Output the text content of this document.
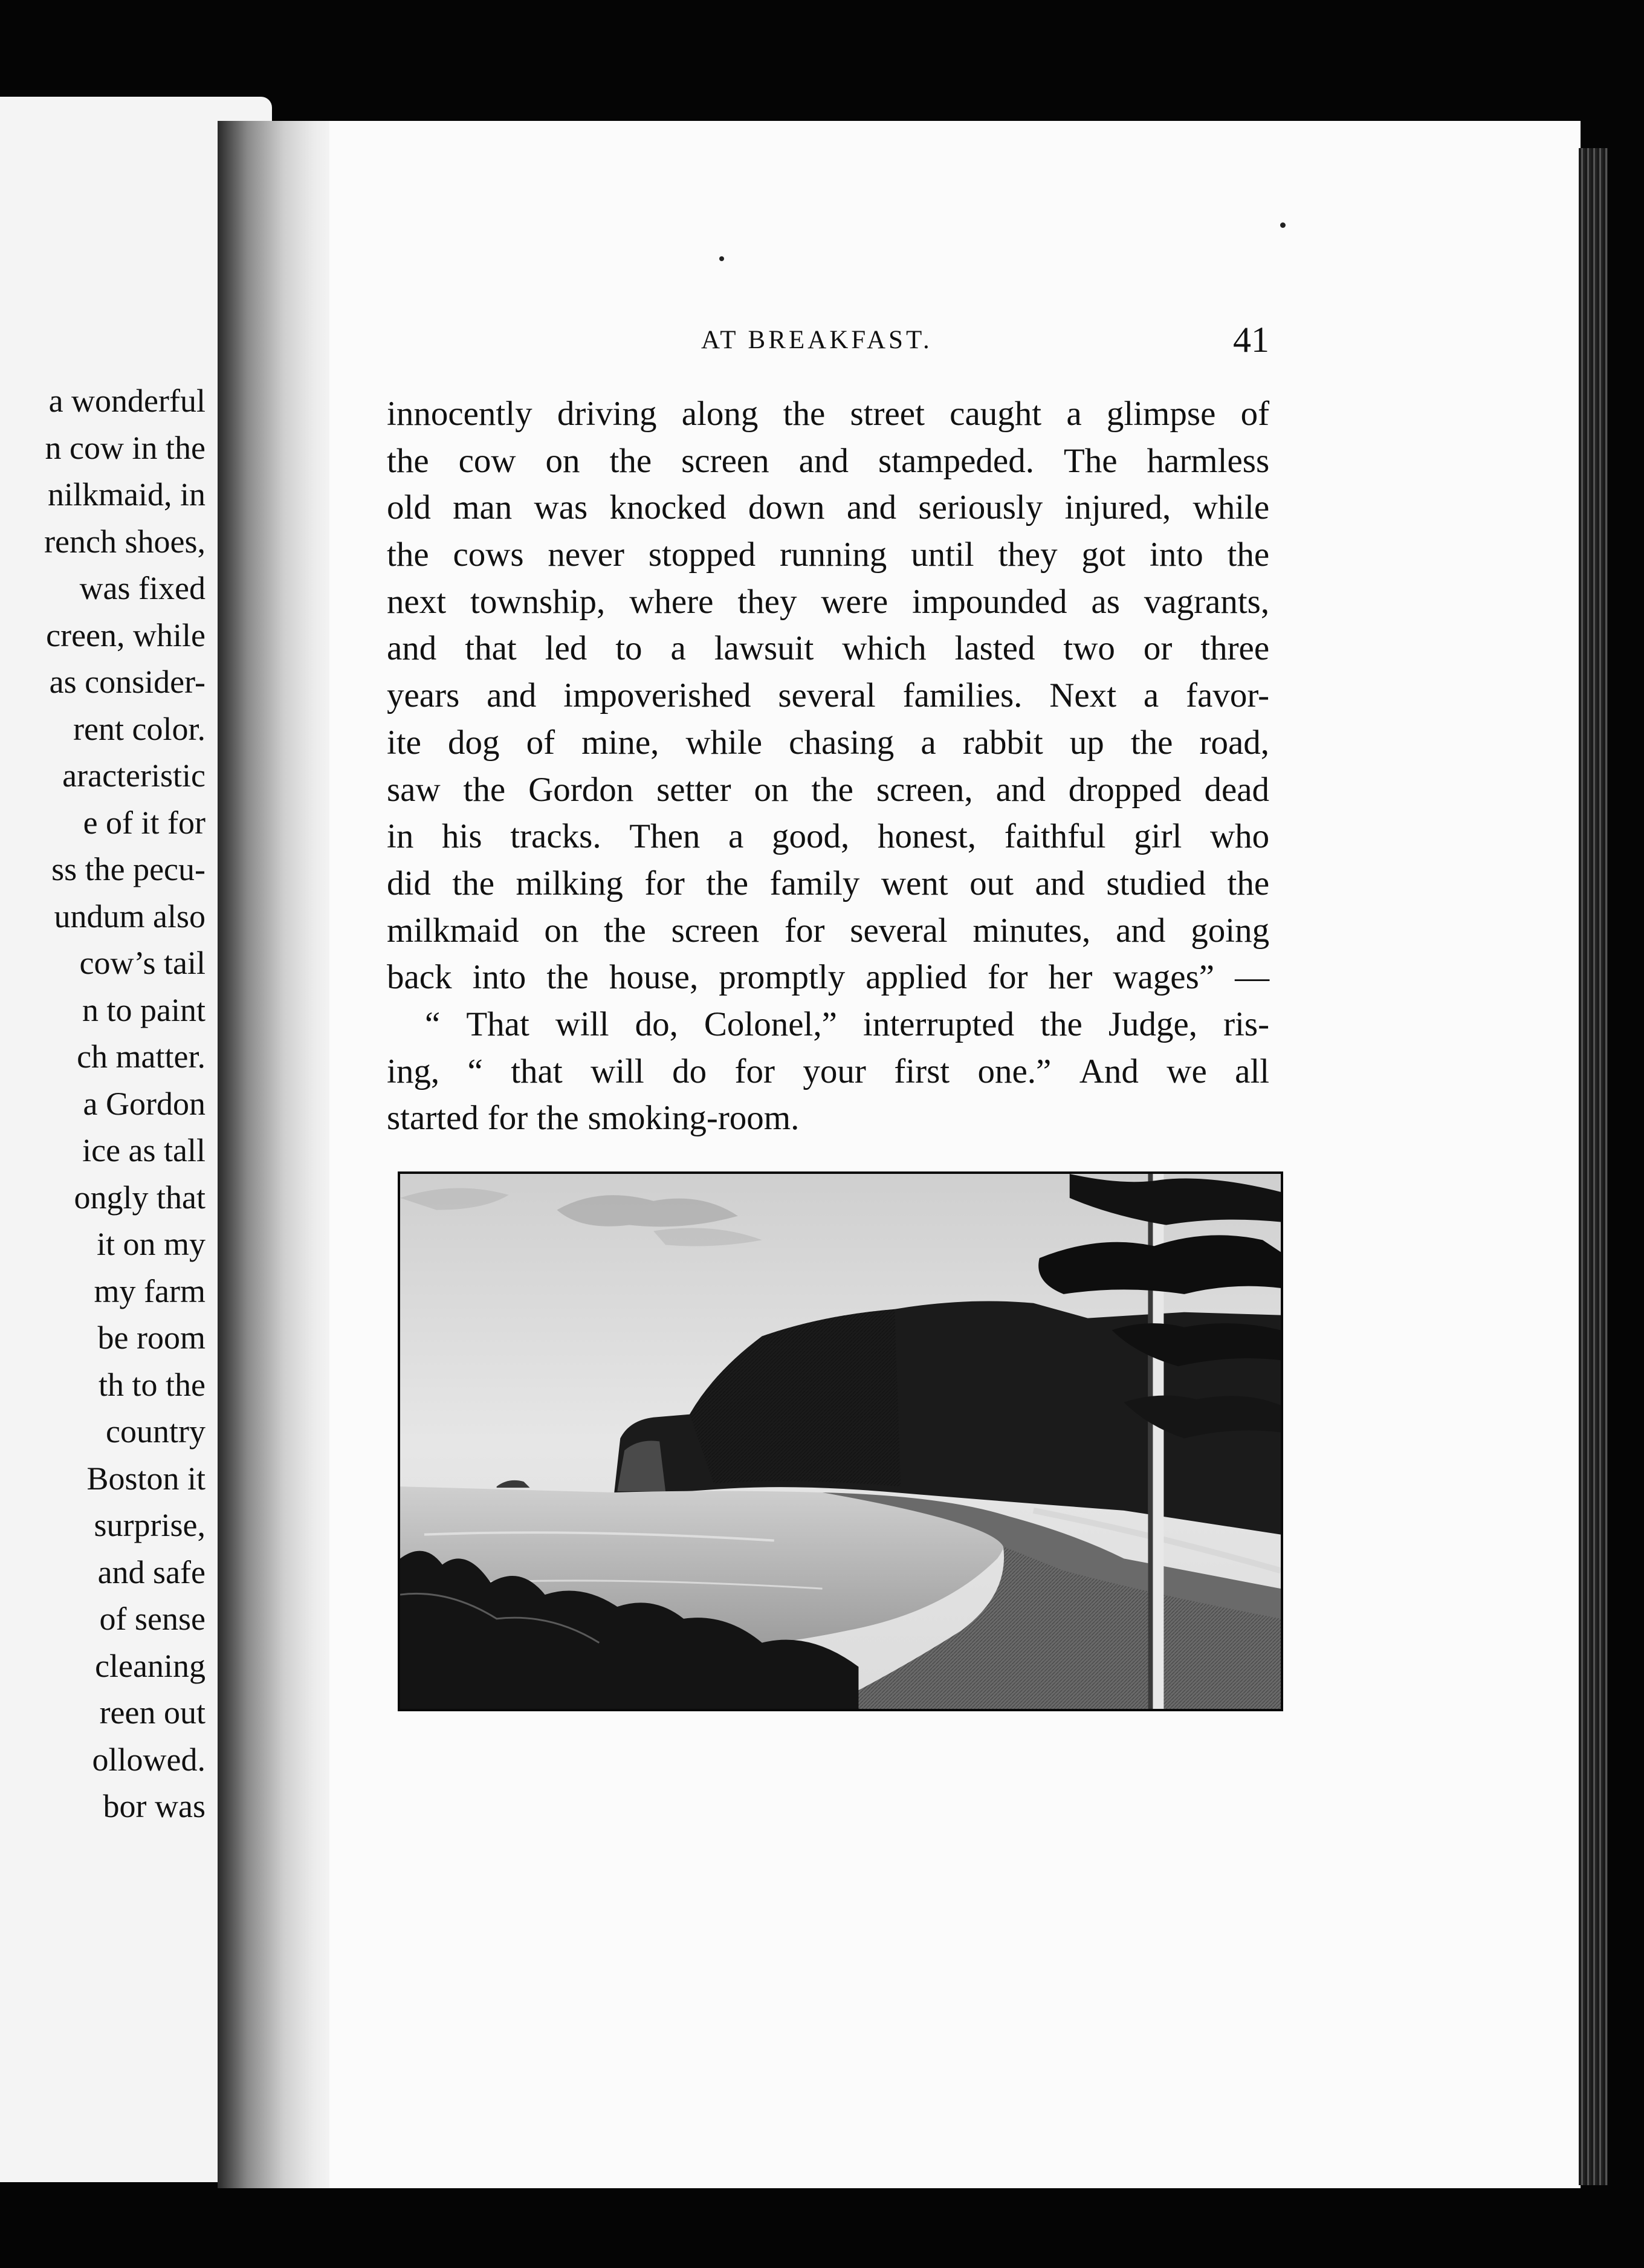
a wonderful
n cow in the
nilkmaid, in
rench shoes,
was fixed
creen, while
as consider-
rent color.
aracteristic
e of it for
ss the pecu-
undum also
cow’s tail
n to paint
ch matter.
a Gordon
ice as tall
ongly that
it on my
my farm
be room
th to the
country
Boston it
surprise,
and safe
of sense
cleaning
reen out
ollowed.
bor was
AT BREAKFAST.	41
innocently driving along the street caught a glimpse of
the cow on the screen and stampeded. The harmless
old man was knocked down and seriously injured, while
the cows never stopped running until they got into the
next township, where they were impounded as vagrants,
and that led to a lawsuit which lasted two or three
years and impoverished several families. Next a favor-
ite dog of mine, while chasing a rabbit up the road,
saw the Gordon setter on the screen, and dropped dead
in his tracks. Then a good, honest, faithful girl who
did the milking for the family went out and studied the
milkmaid on the screen for several minutes, and going
back into the house, promptly applied for her wages” —
“ That will do, Colonel,” interrupted the Judge, ris-
ing, “ that will do for your first one.” And we all
started for the smoking-room.
